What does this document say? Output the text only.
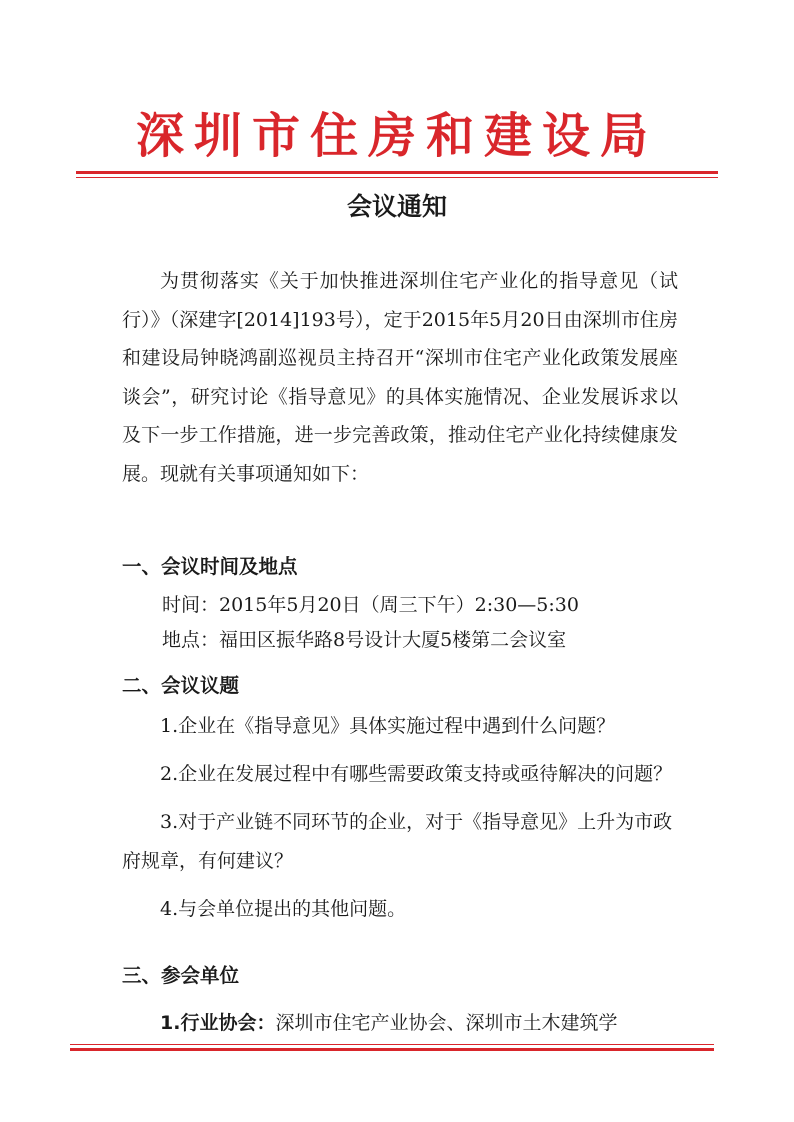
深圳市住房和建设局
会议通知

为贯彻落实《关于加快推进深圳住宅产业化的指导意见（试行）》（深建字[2014]193号），定于2015年5月20日由深圳市住房和建设局钟晓鸿副巡视员主持召开“深圳市住宅产业化政策发展座谈会”，研究讨论《指导意见》的具体实施情况、企业发展诉求以及下一步工作措施，进一步完善政策，推动住宅产业化持续健康发展。现就有关事项通知如下：

一、会议时间及地点
时间：2015年5月20日（周三下午）2:30—5:30
地点：福田区振华路8号设计大厦5楼第二会议室
二、会议议题

1.企业在《指导意见》具体实施过程中遇到什么问题？

2.企业在发展过程中有哪些需要政策支持或亟待解决的问题？

3.对于产业链不同环节的企业，对于《指导意见》上升为市政府规章，有何建议？

4.与会单位提出的其他问题。

三、参会单位
1.行业协会：深圳市住宅产业协会、深圳市土木建筑学
